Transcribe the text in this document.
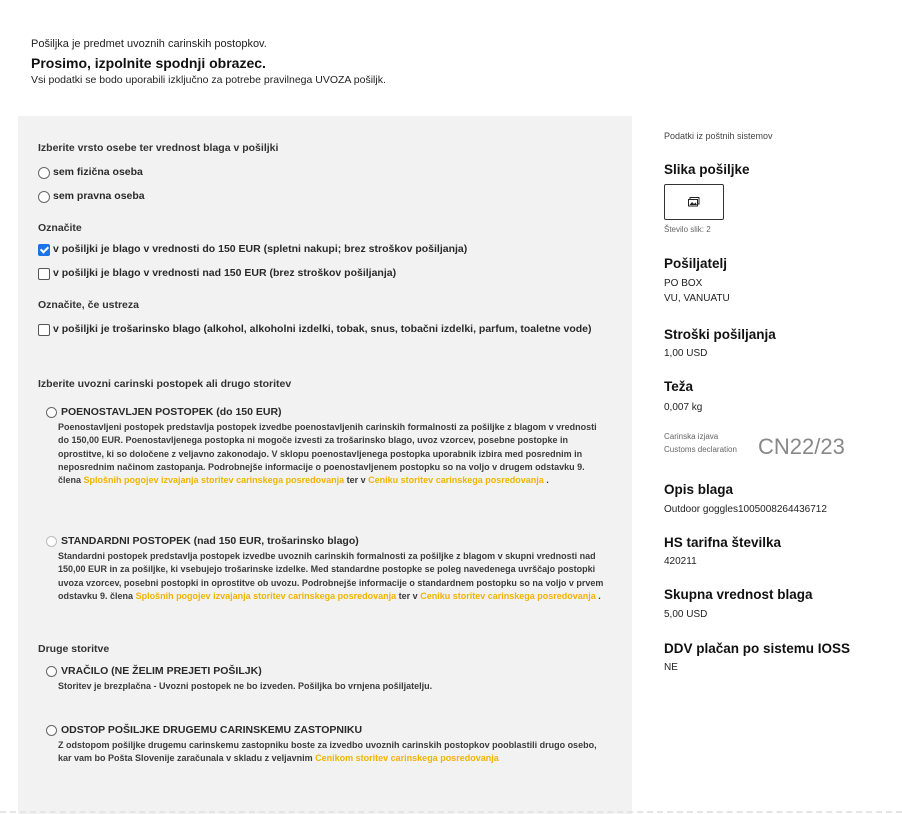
Pošiljka je predmet uvoznih carinskih postopkov.
Prosimo, izpolnite spodnji obrazec.
Vsi podatki se bodo uporabili izključno za potrebe pravilnega UVOZA pošiljk.
Izberite vrsto osebe ter vrednost blaga v pošiljki
sem fizična oseba
sem pravna oseba
Označite
v pošiljki je blago v vrednosti do 150 EUR (spletni nakupi; brez stroškov pošiljanja)
v pošiljki je blago v vrednosti nad 150 EUR (brez stroškov pošiljanja)
Označite, če ustreza
v pošiljki je trošarinsko blago (alkohol, alkoholni izdelki, tobak, snus, tobačni izdelki, parfum, toaletne vode)
Izberite uvozni carinski postopek ali drugo storitev
POENOSTAVLJEN POSTOPEK (do 150 EUR)
Poenostavljeni postopek predstavlja postopek izvedbe poenostavljenih carinskih formalnosti za pošiljke z blagom v vrednosti do 150,00 EUR. Poenostavljenega postopka ni mogoče izvesti za trošarinsko blago, uvoz vzorcev, posebne postopke in oprostitve, ki so določene z veljavno zakonodajo. V sklopu poenostavljenega postopka uporabnik izbira med posrednim in neposrednim načinom zastopanja. Podrobnejše informacije o poenostavljenem postopku so na voljo v drugem odstavku 9. člena Splošnih pogojev izvajanja storitev carinskega posredovanja ter v Ceniku storitev carinskega posredovanja .
STANDARDNI POSTOPEK (nad 150 EUR, trošarinsko blago)
Standardni postopek predstavlja postopek izvedbe uvoznih carinskih formalnosti za pošiljke z blagom v skupni vrednosti nad 150,00 EUR in za pošiljke, ki vsebujejo trošarinske izdelke. Med standardne postopke se poleg navedenega uvrščajo postopki uvoza vzorcev, posebni postopki in oprostitve ob uvozu. Podrobnejše informacije o standardnem postopku so na voljo v prvem odstavku 9. člena Splošnih pogojev izvajanja storitev carinskega posredovanja ter v Ceniku storitev carinskega posredovanja .
Druge storitve
VRAČILO (NE ŽELIM PREJETI POŠILJK)
Storitev je brezplačna - Uvozni postopek ne bo izveden. Pošiljka bo vrnjena pošiljatelju.
ODSTOP POŠILJKE DRUGEMU CARINSKEMU ZASTOPNIKU
Z odstopom pošiljke drugemu carinskemu zastopniku boste za izvedbo uvoznih carinskih postopkov pooblastili drugo osebo, kar vam bo Pošta Slovenije zaračunala v skladu z veljavnim Cenikom storitev carinskega posredovanja
Podatki iz poštnih sistemov
Slika pošiljke
Število slik: 2
Pošiljatelj
PO BOX
VU, VANUATU
Stroški pošiljanja
1,00 USD
Teža
0,007 kg
Carinska izjava
Customs declaration CN22/23
Opis blaga
Outdoor goggles1005008264436712
HS tarifna številka
420211
Skupna vrednost blaga
5,00 USD
DDV plačan po sistemu IOSS
NE
